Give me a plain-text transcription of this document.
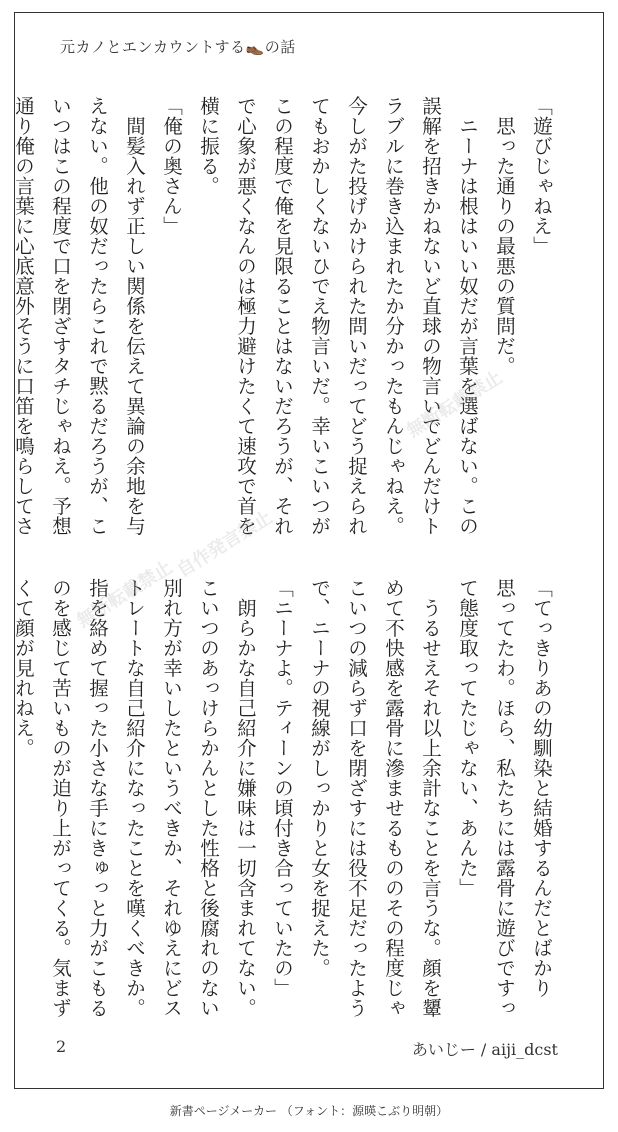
元カノとエンカウントする👞の話
「遊びじゃねえ」
　思った通りの最悪の質問だ。
　ニーナは根はいい奴だが言葉を選ばない。この
誤解を招きかねないど直球の物言いでどんだけト
ラブルに巻き込まれたか分かったもんじゃねえ。
今しがた投げかけられた問いだってどう捉えられ
てもおかしくないひでえ物言いだ。幸いこいつが
この程度で俺を見限ることはないだろうが、それ
で心象が悪くなんのは極力避けたくて速攻で首を
横に振る。
「俺の奥さん」
　間髪入れず正しい関係を伝えて異論の余地を与
えない。他の奴だったらこれで黙るだろうが、こ
いつはこの程度で口を閉ざすタチじゃねえ。予想
通り俺の言葉に心底意外そうに口笛を鳴らしてさ
「てっきりあの幼馴染と結婚するんだとばかり
思ってたわ。ほら、私たちには露骨に遊びですっ
て態度取ってたじゃない、あんた」
　うるせえそれ以上余計なことを言うな。顔を顰
めて不快感を露骨に滲ませるもののその程度じゃ
こいつの減らず口を閉ざすには役不足だったよう
で、ニーナの視線がしっかりと女を捉えた。
「ニーナよ。ティーンの頃付き合っていたの」
　朗らかな自己紹介に嫌味は一切含まれてない。
こいつのあっけらかんとした性格と後腐れのない
別れ方が幸いしたというべきか、それゆえにどス
トレートな自己紹介になったことを嘆くべきか。
指を絡めて握った小さな手にきゅっと力がこもる
のを感じて苦いものが迫り上がってくる。気まず
くて顔が見れねえ。
自作発言禁止
無断転載禁止
無断転載禁止
2	あいじー / aiji_dcst
新書ページメーカー （フォント：源暎こぶり明朝）
